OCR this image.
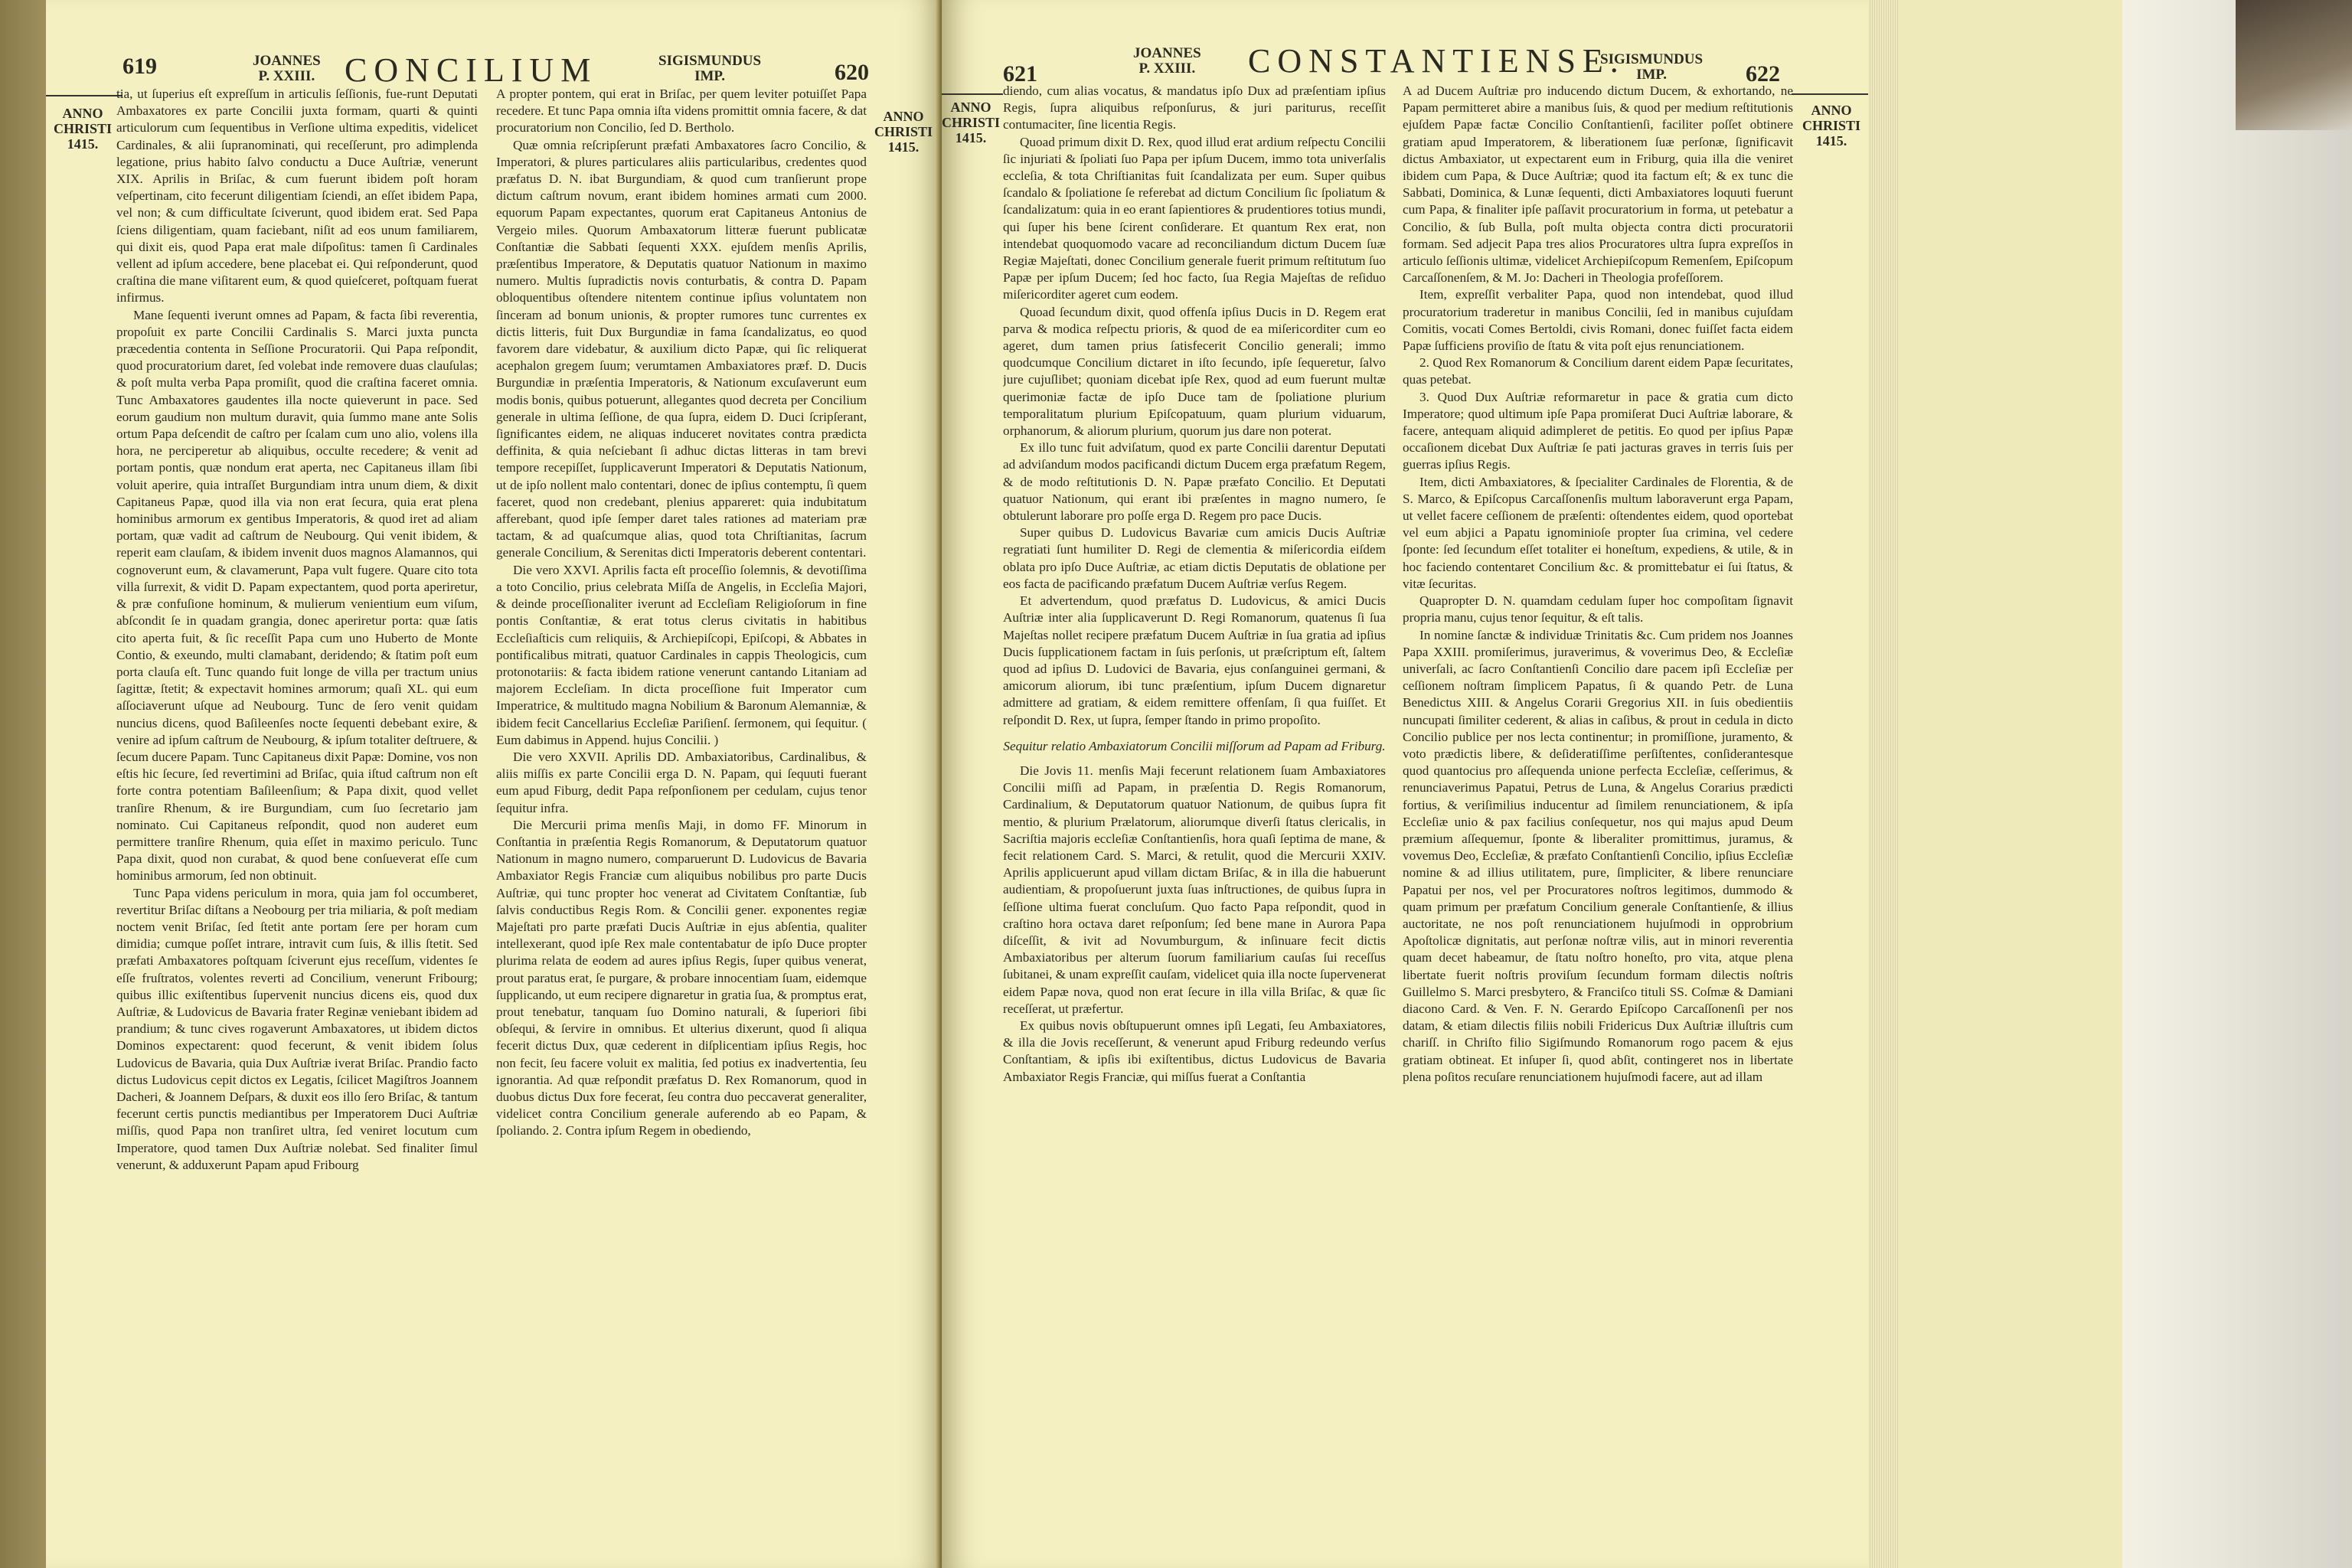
619	JOANNES
P. XXIII. CONCILIUM	SIGISMUNDUS
IMP.	620
ANNO
CHRISTI
1415.
ANNO
CHRISTI
1415.

tia, ut ſuperius eſt expreſſum in articulis ſeſſionis, fue-runt Deputati Ambaxatores ex parte Concilii juxta formam, quarti & quinti articulorum cum ſequentibus in Verſione ultima expeditis, videlicet Cardinales, & alii ſupranominati, qui receſſerunt, pro adimplenda legatione, prius habito ſalvo conductu a Duce Auſtriæ, venerunt XIX. Aprilis in Briſac, & cum fuerunt ibidem poſt horam veſpertinam, cito fecerunt diligentiam ſciendi, an eſſet ibidem Papa, vel non; & cum difficultate ſciverunt, quod ibidem erat. Sed Papa ſciens diligentiam, quam faciebant, niſit ad eos unum familiarem, qui dixit eis, quod Papa erat male diſpoſitus: tamen ſi Cardinales vellent ad ipſum accedere, bene placebat ei. Qui reſponderunt, quod craſtina die mane viſitarent eum, & quod quieſceret, poſtquam fuerat infirmus.

Mane ſequenti iverunt omnes ad Papam, & facta ſibi reverentia, propoſuit ex parte Concilii Cardinalis S. Marci juxta puncta præcedentia contenta in Seſſione Procuratorii. Qui Papa reſpondit, quod procuratorium daret, ſed volebat inde removere duas clauſulas; & poſt multa verba Papa promiſit, quod die craſtina faceret omnia. Tunc Ambaxatores gaudentes illa nocte quieverunt in pace. Sed eorum gaudium non multum duravit, quia ſummo mane ante Solis ortum Papa deſcendit de caſtro per ſcalam cum uno alio, volens illa hora, ne perciperetur ab aliquibus, occulte recedere; & venit ad portam pontis, quæ nondum erat aperta, nec Capitaneus illam ſibi voluit aperire, quia intraſſet Burgundiam intra unum diem, & dixit Capitaneus Papæ, quod illa via non erat ſecura, quia erat plena hominibus armorum ex gentibus Imperatoris, & quod iret ad aliam portam, quæ vadit ad caſtrum de Neubourg. Qui venit ibidem, & reperit eam clauſam, & ibidem invenit duos magnos Alamannos, qui cognoverunt eum, & clavamerunt, Papa vult fugere. Quare cito tota villa ſurrexit, & vidit D. Papam expectantem, quod porta aperiretur, & præ confuſione hominum, & mulierum venientium eum viſum, abſcondit ſe in quadam grangia, donec aperiretur porta: quæ ſatis cito aperta fuit, & ſic receſſit Papa cum uno Huberto de Monte Contio, & exeundo, multi clamabant, deridendo; & ſtatim poſt eum porta clauſa eſt. Tunc quando fuit longe de villa per tractum unius ſagittæ, ſtetit; & expectavit homines armorum; quaſi XL. qui eum aſſociaverunt uſque ad Neubourg. Tunc de ſero venit quidam nuncius dicens, quod Baſileenſes nocte ſequenti debebant exire, & venire ad ipſum caſtrum de Neubourg, & ipſum totaliter deſtruere, & ſecum ducere Papam. Tunc Capitaneus dixit Papæ: Domine, vos non eſtis hic ſecure, ſed revertimini ad Briſac, quia iſtud caſtrum non eſt forte contra potentiam Baſileenſium; & Papa dixit, quod vellet tranſire Rhenum, & ire Burgundiam, cum ſuo ſecretario jam nominato. Cui Capitaneus reſpondit, quod non auderet eum permittere tranſire Rhenum, quia eſſet in maximo periculo. Tunc Papa dixit, quod non curabat, & quod bene conſueverat eſſe cum hominibus armorum, ſed non obtinuit.

Tunc Papa videns periculum in mora, quia jam fol occumberet, revertitur Briſac diſtans a Neobourg per tria miliaria, & poſt mediam noctem venit Briſac, ſed ſtetit ante portam ſere per horam cum dimidia; cumque poſſet intrare, intravit cum ſuis, & illis ſtetit. Sed præfati Ambaxatores poſtquam ſciverunt ejus receſſum, videntes ſe eſſe fruſtratos, volentes reverti ad Concilium, venerunt Fribourg; quibus illic exiſtentibus ſupervenit nuncius dicens eis, quod dux Auſtriæ, & Ludovicus de Bavaria frater Reginæ veniebant ibidem ad prandium; & tunc cives rogaverunt Ambaxatores, ut ibidem dictos Dominos expectarent: quod fecerunt, & venit ibidem ſolus Ludovicus de Bavaria, quia Dux Auſtriæ iverat Briſac. Prandio facto dictus Ludovicus cepit dictos ex Legatis, ſcilicet Magiſtros Joannem Dacheri, & Joannem Deſpars, & duxit eos illo ſero Briſac, & tantum fecerunt certis punctis mediantibus per Imperatorem Duci Auſtriæ miſſis, quod Papa non tranſiret ultra, ſed veniret locutum cum Imperatore, quod tamen Dux Auſtriæ nolebat. Sed finaliter ſimul venerunt, & adduxerunt Papam apud Fribourg

A propter pontem, qui erat in Briſac, per quem leviter potuiſſet Papa recedere. Et tunc Papa omnia iſta videns promittit omnia facere, & dat procuratorium non Concilio, ſed D. Bertholo.

Quæ omnia reſcripſerunt præfati Ambaxatores ſacro Concilio, & Imperatori, & plures particulares aliis particularibus, credentes quod præfatus D. N. ibat Burgundiam, & quod cum tranſierunt prope dictum caſtrum novum, erant ibidem homines armati cum 2000. equorum Papam expectantes, quorum erat Capitaneus Antonius de Vergeio miles. Quorum Ambaxatorum litteræ fuerunt publicatæ Conſtantiæ die Sabbati ſequenti XXX. ejuſdem menſis Aprilis, præſentibus Imperatore, & Deputatis quatuor Nationum in maximo numero. Multis ſupradictis novis conturbatis, & contra D. Papam obloquentibus oſtendere nitentem continue ipſius voluntatem non ſinceram ad bonum unionis, & propter rumores tunc currentes ex dictis litteris, fuit Dux Burgundiæ in fama ſcandalizatus, eo quod favorem dare videbatur, & auxilium dicto Papæ, qui ſic reliquerat acephalon gregem ſuum; verumtamen Ambaxiatores præf. D. Ducis Burgundiæ in præſentia Imperatoris, & Nationum excuſaverunt eum modis bonis, quibus potuerunt, allegantes quod decreta per Concilium generale in ultima ſeſſione, de qua ſupra, eidem D. Duci ſcripſerant, ſignificantes eidem, ne aliquas induceret novitates contra prædicta deffinita, & quia neſciebant ſi adhuc dictas litteras in tam brevi tempore recepiſſet, ſupplicaverunt Imperatori & Deputatis Nationum, ut de ipſo nollent malo contentari, donec de ipſius contemptu, ſi quem faceret, quod non credebant, plenius appareret: quia indubitatum afferebant, quod ipſe ſemper daret tales rationes ad materiam præ tactam, & ad quaſcumque alias, quod tota Chriſtianitas, ſacrum generale Concilium, & Serenitas dicti Imperatoris deberent contentari.

Die vero XXVI. Aprilis facta eſt proceſſio ſolemnis, & devotiſſima a toto Concilio, prius celebrata Miſſa de Angelis, in Eccleſia Majori, & deinde proceſſionaliter iverunt ad Eccleſiam Religioſorum in fine pontis Conſtantiæ, & erat totus clerus civitatis in habitibus Eccleſiaſticis cum reliquiis, & Archiepiſcopi, Epiſcopi, & Abbates in pontificalibus mitrati, quatuor Cardinales in cappis Theologicis, cum protonotariis: & facta ibidem ratione venerunt cantando Litaniam ad majorem Eccleſiam. In dicta proceſſione fuit Imperator cum Imperatrice, & multitudo magna Nobilium & Baronum Alemanniæ, & ibidem fecit Cancellarius Eccleſiæ Pariſienſ. ſermonem, qui ſequitur. ( Eum dabimus in Append. hujus Concilii. )

Die vero XXVII. Aprilis DD. Ambaxiatoribus, Cardinalibus, & aliis miſſis ex parte Concilii erga D. N. Papam, qui ſequuti fuerant eum apud Fiburg, dedit Papa reſponſionem per cedulam, cujus tenor ſequitur infra.

Die Mercurii prima menſis Maji, in domo FF. Minorum in Conſtantia in præſentia Regis Romanorum, & Deputatorum quatuor Nationum in magno numero, comparuerunt D. Ludovicus de Bavaria Ambaxiator Regis Franciæ cum aliquibus nobilibus pro parte Ducis Auſtriæ, qui tunc propter hoc venerat ad Civitatem Conſtantiæ, ſub ſalvis conductibus Regis Rom. & Concilii gener. exponentes regiæ Majeſtati pro parte præfati Ducis Auſtriæ in ejus abſentia, qualiter intellexerant, quod ipſe Rex male contentabatur de ipſo Duce propter plurima relata de eodem ad aures ipſius Regis, ſuper quibus venerat, prout paratus erat, ſe purgare, & probare innocentiam ſuam, eidemque ſupplicando, ut eum recipere dignaretur in gratia ſua, & promptus erat, prout tenebatur, tanquam ſuo Domino naturali, & ſuperiori ſibi obſequi, & ſervire in omnibus. Et ulterius dixerunt, quod ſi aliqua fecerit dictus Dux, quæ cederent in diſplicentiam ipſius Regis, hoc non fecit, ſeu facere voluit ex malitia, ſed potius ex inadvertentia, ſeu ignorantia. Ad quæ reſpondit præfatus D. Rex Romanorum, quod in duobus dictus Dux fore fecerat, ſeu contra duo peccaverat generaliter, videlicet contra Concilium generale auferendo ab eo Papam, & ſpoliando. 2. Contra ipſum Regem in obediendo,

621
JOANNES
P. XXIII. CONSTANTIENSE.
SIGISMUNDUS
IMP.	622
ANNO
CHRISTI
1415.
ANNO
CHRISTI
1415.

diendo, cum alias vocatus, & mandatus ipſo Dux ad præſentiam ipſius Regis, ſupra aliquibus reſponſurus, & juri pariturus, receſſit contumaciter, ſine licentia Regis.

Quoad primum dixit D. Rex, quod illud erat ardium reſpectu Concilii ſic injuriati & ſpoliati ſuo Papa per ipſum Ducem, immo tota univerſalis eccleſia, & tota Chriſtianitas fuit ſcandalizata per eum. Super quibus ſcandalo & ſpoliatione ſe referebat ad dictum Concilium ſic ſpoliatum & ſcandalizatum: quia in eo erant ſapientiores & prudentiores totius mundi, qui ſuper his bene ſcirent conſiderare. Et quantum Rex erat, non intendebat quoquomodo vacare ad reconciliandum dictum Ducem ſuæ Regiæ Majeſtati, donec Concilium generale fuerit primum reſtitutum ſuo Papæ per ipſum Ducem; ſed hoc facto, ſua Regia Majeſtas de reſiduo miſericorditer ageret cum eodem.

Quoad ſecundum dixit, quod offenſa ipſius Ducis in D. Regem erat parva & modica reſpectu prioris, & quod de ea miſericorditer cum eo ageret, dum tamen prius ſatisfecerit Concilio generali; immo quodcumque Concilium dictaret in iſto ſecundo, ipſe ſequeretur, ſalvo jure cujuſlibet; quoniam dicebat ipſe Rex, quod ad eum fuerunt multæ querimoniæ factæ de ipſo Duce tam de ſpoliatione plurium temporalitatum plurium Epiſcopatuum, quam plurium viduarum, orphanorum, & aliorum plurium, quorum jus dare non poterat.

Ex illo tunc fuit adviſatum, quod ex parte Concilii darentur Deputati ad adviſandum modos pacificandi dictum Ducem erga præfatum Regem, & de modo reſtitutionis D. N. Papæ præfato Concilio. Et Deputati quatuor Nationum, qui erant ibi præſentes in magno numero, ſe obtulerunt laborare pro poſſe erga D. Regem pro pace Ducis.

Super quibus D. Ludovicus Bavariæ cum amicis Ducis Auſtriæ regratiati ſunt humiliter D. Regi de clementia & miſericordia eiſdem oblata pro ipſo Duce Auſtriæ, ac etiam dictis Deputatis de oblatione per eos facta de pacificando præfatum Ducem Auſtriæ verſus Regem.

Et advertendum, quod præfatus D. Ludovicus, & amici Ducis Auſtriæ inter alia ſupplicaverunt D. Regi Romanorum, quatenus ſi ſua Majeſtas nollet recipere præfatum Ducem Auſtriæ in ſua gratia ad ipſius Ducis ſupplicationem factam in ſuis perſonis, ut præſcriptum eſt, ſaltem quod ad ipſius D. Ludovici de Bavaria, ejus conſanguinei germani, & amicorum aliorum, ibi tunc præſentium, ipſum Ducem dignaretur admittere ad gratiam, & eidem remittere offenſam, ſi qua fuiſſet. Et reſpondit D. Rex, ut ſupra, ſemper ſtando in primo propoſito.

Sequitur relatio Ambaxiatorum Concilii miſſorum ad Papam ad Friburg.

Die Jovis 11. menſis Maji fecerunt relationem ſuam Ambaxiatores Concilii miſſi ad Papam, in præſentia D. Regis Romanorum, Cardinalium, & Deputatorum quatuor Nationum, de quibus ſupra fit mentio, & plurium Prælatorum, aliorumque diverſi ſtatus clericalis, in Sacriſtia majoris eccleſiæ Conſtantienſis, hora quaſi ſeptima de mane, & fecit relationem Card. S. Marci, & retulit, quod die Mercurii XXIV. Aprilis applicuerunt apud villam dictam Briſac, & in illa die habuerunt audientiam, & propoſuerunt juxta ſuas inſtructiones, de quibus ſupra in ſeſſione ultima fuerat concluſum. Quo facto Papa reſpondit, quod in craſtino hora octava daret reſponſum; ſed bene mane in Aurora Papa diſceſſit, & ivit ad Novumburgum, & inſinuare fecit dictis Ambaxiatoribus per alterum ſuorum familiarium cauſas ſui receſſus ſubitanei, & unam expreſſit cauſam, videlicet quia illa nocte ſupervenerat eidem Papæ nova, quod non erat ſecure in illa villa Briſac, & quæ ſic receſſerat, ut præfertur.

Ex quibus novis obſtupuerunt omnes ipſi Legati, ſeu Ambaxiatores, & illa die Jovis receſſerunt, & venerunt apud Friburg redeundo verſus Conſtantiam, & ipſis ibi exiſtentibus, dictus Ludovicus de Bavaria Ambaxiator Regis Franciæ, qui miſſus fuerat a Conſtantia

A ad Ducem Auſtriæ pro inducendo dictum Ducem, & exhortando, ne Papam permitteret abire a manibus ſuis, & quod per medium reſtitutionis ejuſdem Papæ factæ Concilio Conſtantienſi, faciliter poſſet obtinere gratiam apud Imperatorem, & liberationem ſuæ perſonæ, ſignificavit dictus Ambaxiator, ut expectarent eum in Friburg, quia illa die veniret ibidem cum Papa, & Duce Auſtriæ; quod ita factum eſt; & ex tunc die Sabbati, Dominica, & Lunæ ſequenti, dicti Ambaxiatores loquuti fuerunt cum Papa, & finaliter ipſe paſſavit procuratorium in forma, ut petebatur a Concilio, & ſub Bulla, poſt multa objecta contra dicti procuratorii formam. Sed adjecit Papa tres alios Procuratores ultra ſupra expreſſos in articulo ſeſſionis ultimæ, videlicet Archiepiſcopum Remenſem, Epiſcopum Carcaſſonenſem, & M. Jo: Dacheri in Theologia profeſſorem.

Item, expreſſit verbaliter Papa, quod non intendebat, quod illud procuratorium traderetur in manibus Concilii, ſed in manibus cujuſdam Comitis, vocati Comes Bertoldi, civis Romani, donec fuiſſet facta eidem Papæ ſufficiens proviſio de ſtatu & vita poſt ejus renunciationem.

2. Quod Rex Romanorum & Concilium darent eidem Papæ ſecuritates, quas petebat.

3. Quod Dux Auſtriæ reformaretur in pace & gratia cum dicto Imperatore; quod ultimum ipſe Papa promiſerat Duci Auſtriæ laborare, & facere, antequam aliquid adimpleret de petitis. Eo quod per ipſius Papæ occaſionem dicebat Dux Auſtriæ ſe pati jacturas graves in terris ſuis per guerras ipſius Regis.

Item, dicti Ambaxiatores, & ſpecialiter Cardinales de Florentia, & de S. Marco, & Epiſcopus Carcaſſonenſis multum laboraverunt erga Papam, ut vellet facere ceſſionem de præſenti: oſtendentes eidem, quod oportebat vel eum abjici a Papatu ignominioſe propter ſua crimina, vel cedere ſponte: ſed ſecundum eſſet totaliter ei honeſtum, expediens, & utile, & in hoc faciendo contentaret Concilium &c. & promittebatur ei ſui ſtatus, & vitæ ſecuritas.

Quapropter D. N. quamdam cedulam ſuper hoc compoſitam ſignavit propria manu, cujus tenor ſequitur, & eſt talis.

In nomine ſanctæ & individuæ Trinitatis &c. Cum pridem nos Joannes Papa XXIII. promiſerimus, juraverimus, & voverimus Deo, & Eccleſiæ univerſali, ac ſacro Conſtantienſi Concilio dare pacem ipſi Eccleſiæ per ceſſionem noſtram ſimplicem Papatus, ſi & quando Petr. de Luna Benedictus XIII. & Angelus Corarii Gregorius XII. in ſuis obedientiis nuncupati ſimiliter cederent, & alias in caſibus, & prout in cedula in dicto Concilio publice per nos lecta continentur; in promiſſione, juramento, & voto prædictis libere, & deſideratiſſime perſiſtentes, conſiderantesque quod quantocius pro aſſequenda unione perfecta Eccleſiæ, ceſſerimus, & renunciaverimus Papatui, Petrus de Luna, & Angelus Corarius prædicti fortius, & veriſimilius inducentur ad ſimilem renunciationem, & ipſa Eccleſiæ unio & pax facilius conſequetur, nos qui majus apud Deum præmium aſſequemur, ſponte & liberaliter promittimus, juramus, & vovemus Deo, Eccleſiæ, & præfato Conſtantienſi Concilio, ipſius Eccleſiæ nomine & ad illius utilitatem, pure, ſimpliciter, & libere renunciare Papatui per nos, vel per Procuratores noſtros legitimos, dummodo & quam primum per præfatum Concilium generale Conſtantienſe, & illius auctoritate, ne nos poſt renunciationem hujuſmodi in opprobrium Apoſtolicæ dignitatis, aut perſonæ noſtræ vilis, aut in minori reverentia quam decet habeamur, de ſtatu noſtro honeſto, pro vita, atque plena libertate fuerit noſtris proviſum ſecundum formam dilectis noſtris Guillelmo S. Marci presbytero, & Franciſco tituli SS. Coſmæ & Damiani diacono Card. & Ven. F. N. Gerardo Epiſcopo Carcaſſonenſi per nos datam, & etiam dilectis filiis nobili Fridericus Dux Auſtriæ illuſtris cum chariſſ. in Chriſto filio Sigiſmundo Romanorum rogo pacem & ejus gratiam obtineat. Et inſuper ſi, quod abſit, contingeret nos in libertate plena poſitos recuſare renunciationem hujuſmodi facere, aut ad illam
